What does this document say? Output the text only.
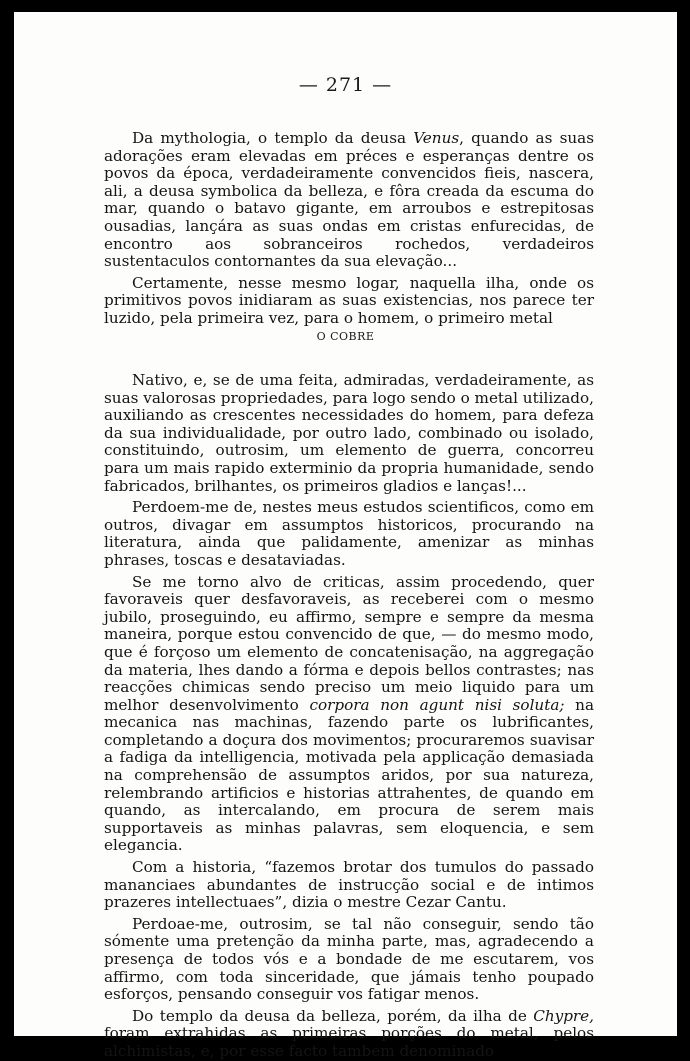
— 271 —

Da mythologia, o templo da deusa Venus, quando as suas adorações eram elevadas em préces e esperanças dentre os povos da época, verdadeiramente convencidos fieis, nascera, ali, a deusa symbolica da belleza, e fôra creada da escuma do mar, quando o batavo gigante, em arroubos e estrepitosas ousadias, lançára as suas ondas em cristas enfurecidas, de encontro aos sobranceiros rochedos, verdadeiros sustentaculos contornantes da sua elevação...

Certamente, nesse mesmo logar, naquella ilha, onde os primitivos povos inidiaram as suas existencias, nos parece ter luzido, pela primeira vez, para o homem, o primeiro metal

O COBRE

Nativo, e, se de uma feita, admiradas, verdadeiramente, as suas valorosas propriedades, para logo sendo o metal utilizado, auxiliando as crescentes necessidades do homem, para defeza da sua individualidade, por outro lado, combinado ou isolado, constituindo, outrosim, um elemento de guerra, concorreu para um mais rapido exterminio da propria humanidade, sendo fabricados, brilhantes, os primeiros gladios e lanças!...

Perdoem-me de, nestes meus estudos scientificos, como em outros, divagar em assumptos historicos, procurando na literatura, ainda que palidamente, amenizar as minhas phrases, toscas e desataviadas.

Se me torno alvo de criticas, assim procedendo, quer favoraveis quer desfavoraveis, as receberei com o mesmo jubilo, proseguindo, eu affirmo, sempre e sempre da mesma maneira, porque estou convencido de que, — do mesmo modo, que é forçoso um elemento de concatenisação, na aggregação da materia, lhes dando a fórma e depois bellos contrastes; nas reacções chimicas sendo preciso um meio liquido para um melhor desenvolvimento corpora non agunt nisi soluta; na mecanica nas machinas, fazendo parte os lubrificantes, completando a doçura dos movimentos; procuraremos suavisar a fadiga da intelligencia, motivada pela applicação demasiada na comprehensão de assumptos aridos, por sua natureza, relembrando artificios e historias attrahentes, de quando em quando, as intercalando, em procura de serem mais supportaveis as minhas palavras, sem eloquencia, e sem elegancia.

Com a historia, “fazemos brotar dos tumulos do passado mananciaes abundantes de instrucção social e de intimos prazeres intellectuaes”, dizia o mestre Cezar Cantu.

Perdoae-me, outrosim, se tal não conseguir, sendo tão sómente uma pretenção da minha parte, mas, agradecendo a presença de todos vós e a bondade de me escutarem, vos affirmo, com toda sinceridade, que jámais tenho poupado esforços, pensando conseguir vos fatigar menos.

Do templo da deusa da belleza, porém, da ilha de Chypre, foram extrahidas as primeiras porções do metal, pelos alchimistas, e, por esse facto tambem denominado
